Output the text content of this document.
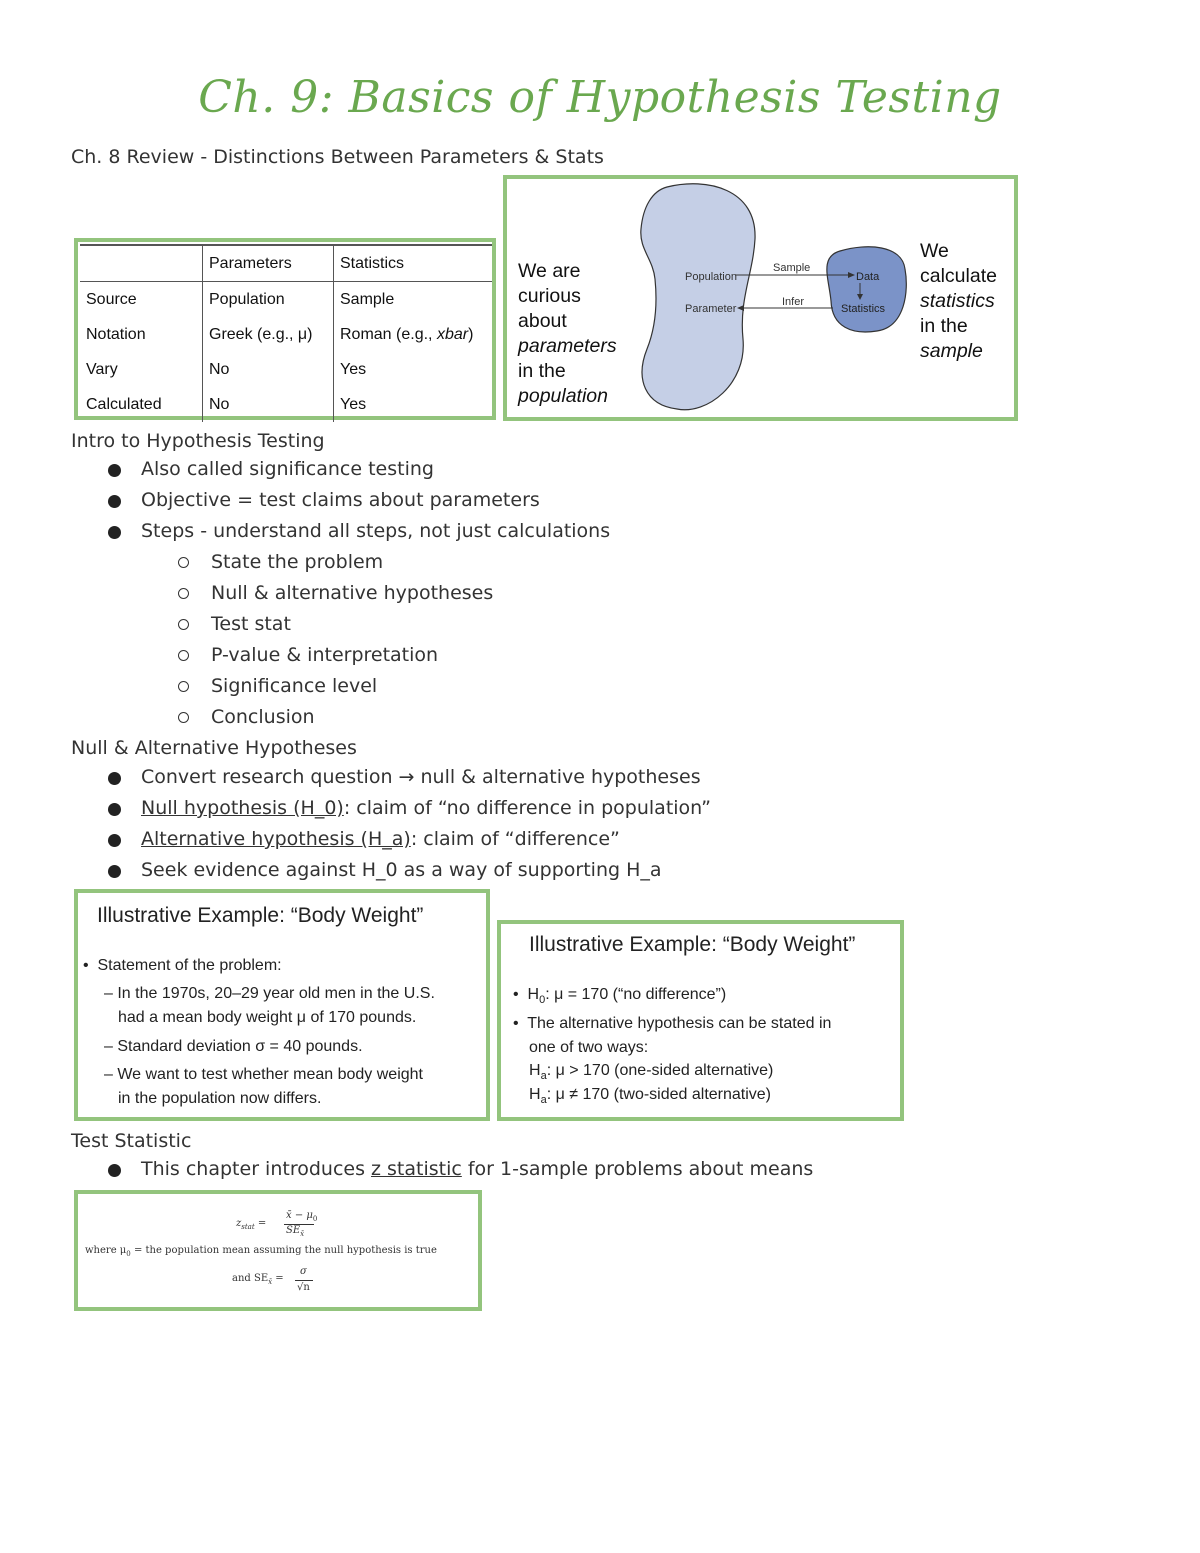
Ch. 9: Basics of Hypothesis Testing
Ch. 8 Review - Distinctions Between Parameters & Stats
	Parameters	Statistics
Source	Population	Sample
Notation	Greek (e.g., μ)	Roman (e.g., xbar)
Vary	No	Yes
Calculated	No	Yes
We are
curious
about
parameters
in the
population
Population
Parameter
Sample
Infer
Data
Statistics
We
calculate
statistics
in the
sample
Intro to Hypothesis Testing
Also called significance testing
Objective = test claims about parameters
Steps - understand all steps, not just calculations
State the problem
Null & alternative hypotheses
Test stat
P-value & interpretation
Significance level
Conclusion
Null & Alternative Hypotheses
Convert research question → null & alternative hypotheses
Null hypothesis (H_0): claim of “no difference in population”
Alternative hypothesis (H_a): claim of “difference”
Seek evidence against H_0 as a way of supporting H_a
Illustrative Example: “Body Weight”
•  Statement of the problem:
– In the 1970s, 20–29 year old men in the U.S.
had a mean body weight μ of 170 pounds.
– Standard deviation σ = 40 pounds.
– We want to test whether mean body weight
in the population now differs.
Illustrative Example: “Body Weight”
•  $H_0$: μ = 170 (“no difference”)
•  The alternative hypothesis can be stated in
one of two ways:
$H_a$: μ > 170 (one-sided alternative)
$H_a$: μ ≠ 170 (two-sided alternative)
Test Statistic
This chapter introduces z statistic for 1-sample problems about means
$z_{stat}$ =
x̄ − $\mu_0$
$SE_{x̄}$
where $\mu_0$ = the population mean assuming the null hypothesis is true
and $SE_{x̄}$ =
σ
√n
